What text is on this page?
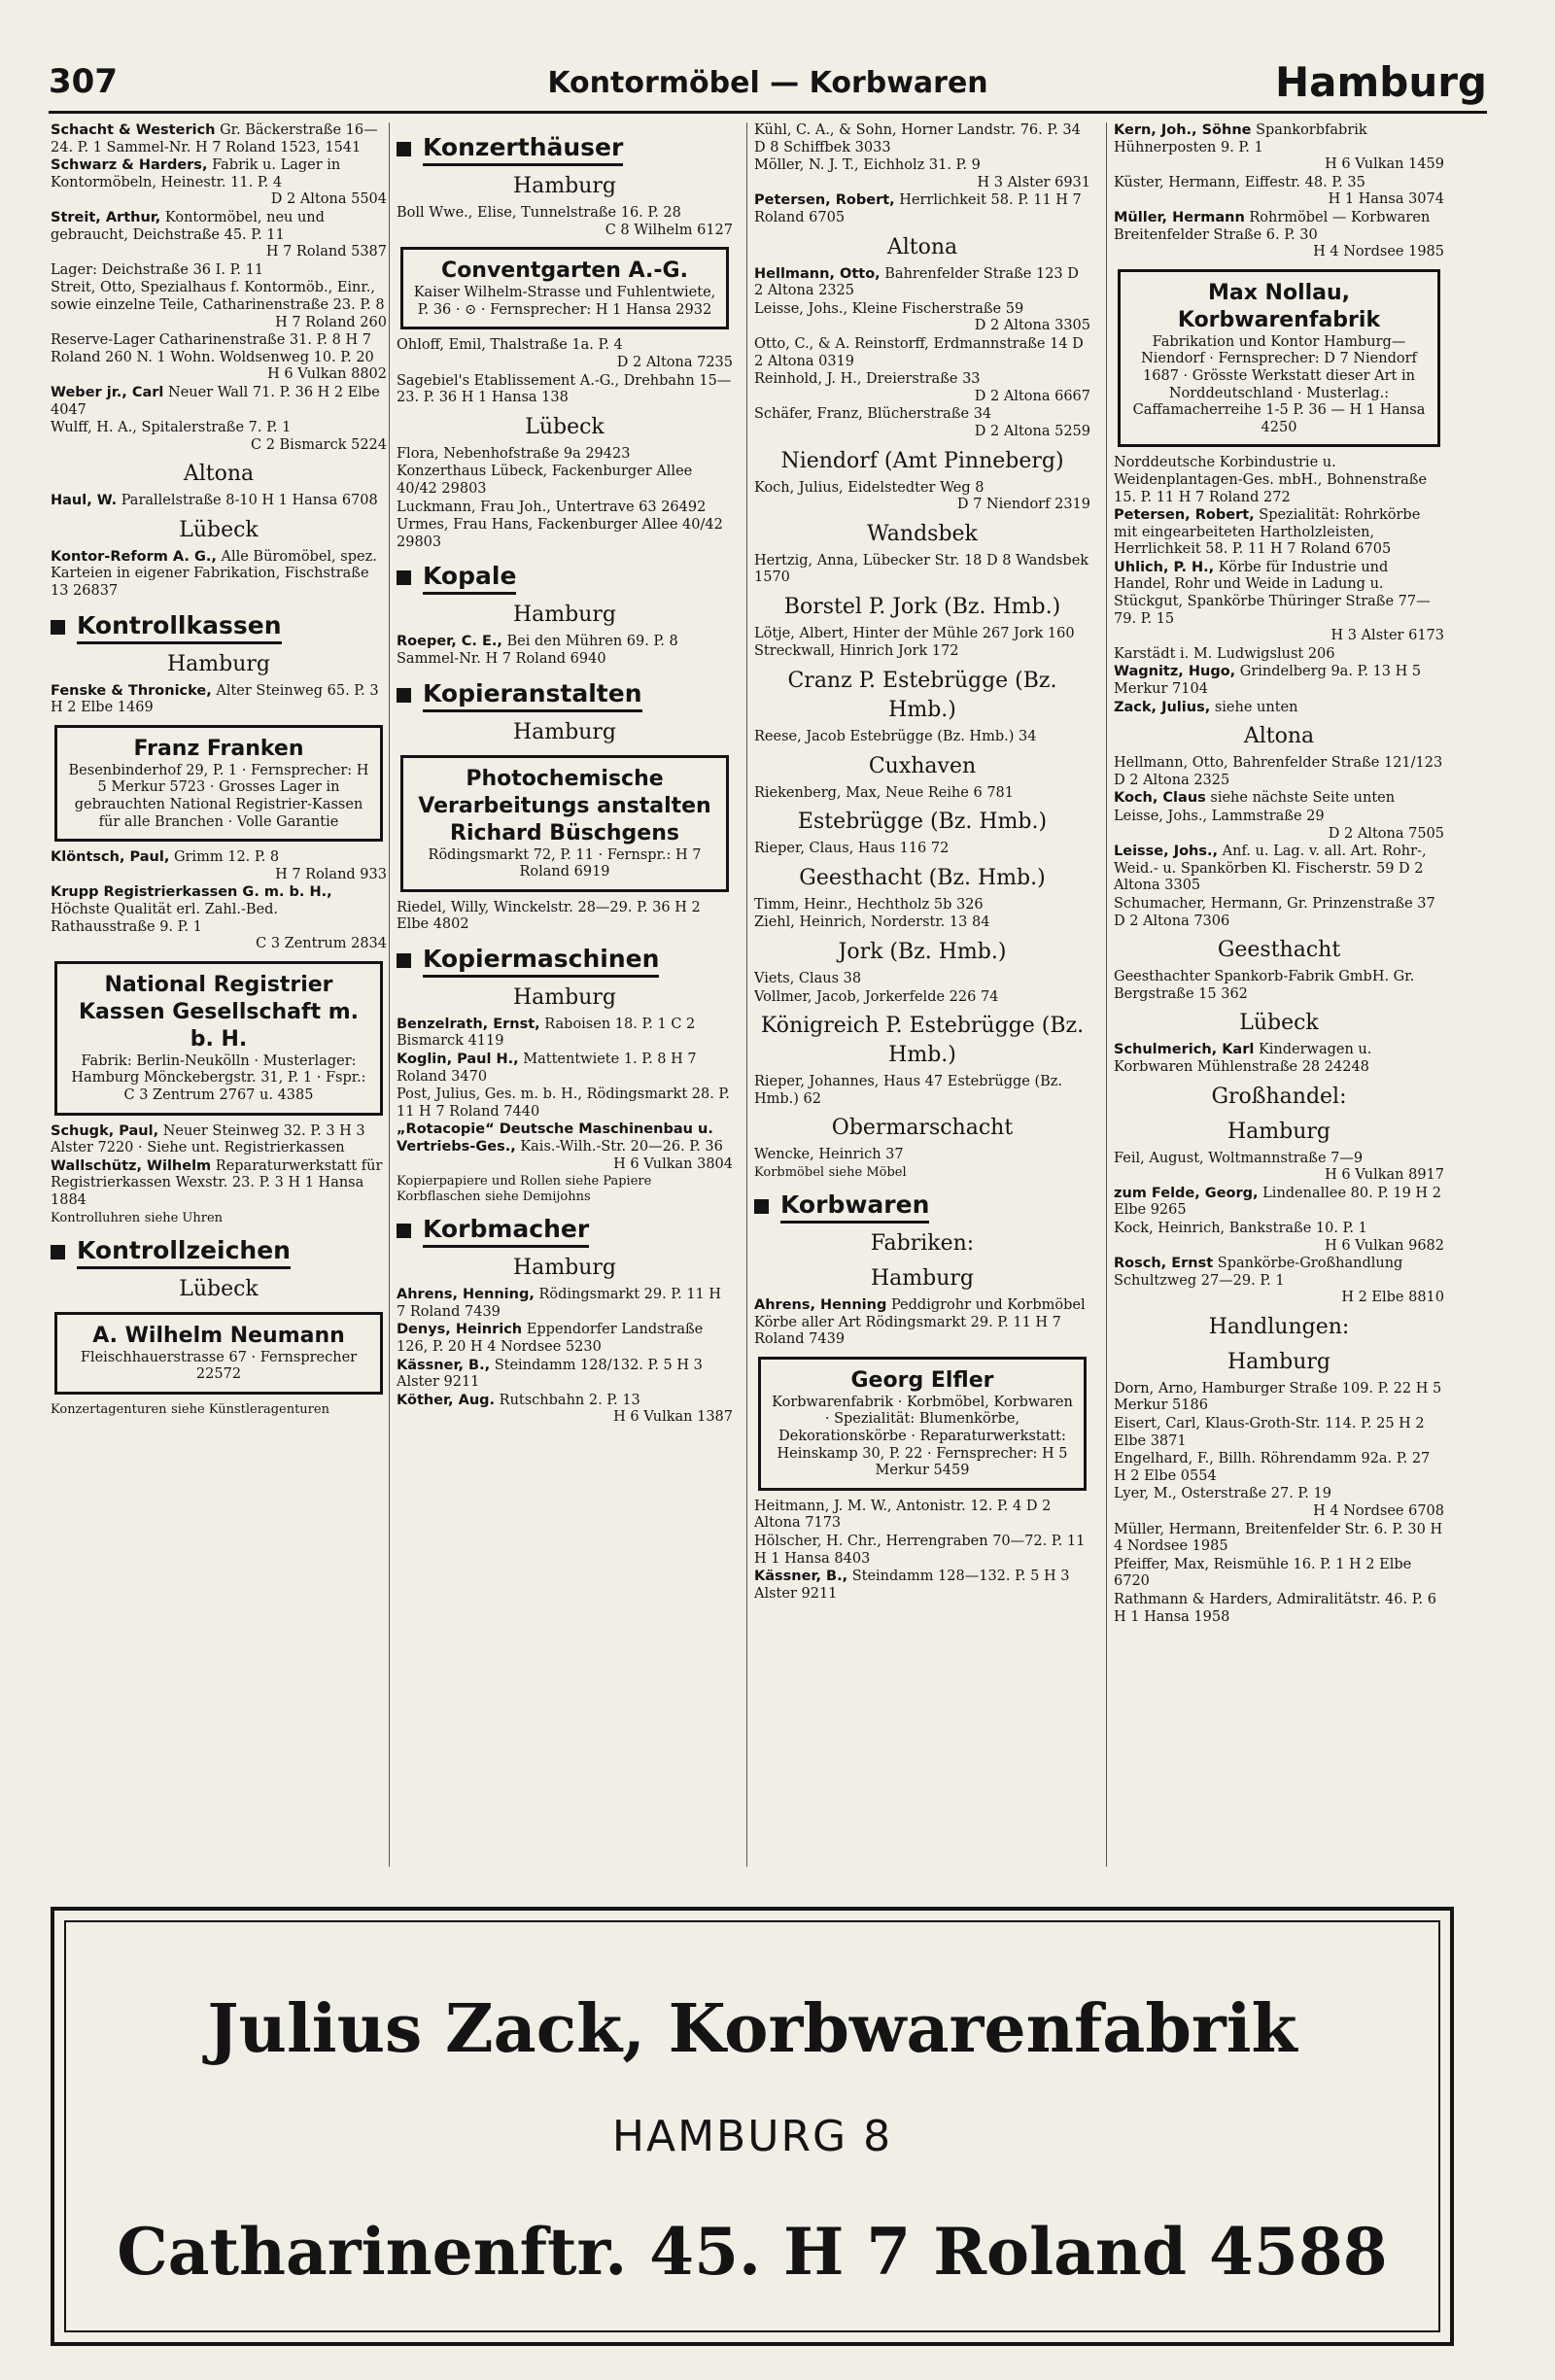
307	Kontormöbel — Korbwaren	Hamburg
Schacht & Westerich Gr. Bäckerstraße 16—24. P. 1 Sammel-Nr. H 7 Roland 1523, 1541
Schwarz & Harders, Fabrik u. Lager in Kontormöbeln, Heinestr. 11. P. 4
D 2 Altona 5504
Streit, Arthur, Kontormöbel, neu und gebraucht, Deichstraße 45. P. 11
H 7 Roland 5387
Lager: Deichstraße 36 I. P. 11
Streit, Otto, Spezialhaus f. Kontormöb., Einr., sowie einzelne Teile, Catharinenstraße 23. P. 8
H 7 Roland 260
Reserve-Lager Catharinenstraße 31. P. 8 H 7 Roland 260 N. 1 Wohn. Woldsenweg 10. P. 20
H 6 Vulkan 8802
Weber jr., Carl Neuer Wall 71. P. 36 H 2 Elbe 4047
Wulff, H. A., Spitalerstraße 7. P. 1
C 2 Bismarck 5224
Altona
Haul, W. Parallelstraße 8-10 H 1 Hansa 6708
Lübeck
Kontor-Reform A. G., Alle Büromöbel, spez. Karteien in eigener Fabrikation, Fischstraße 13 26837
Kontrollkassen
Hamburg
Fenske & Thronicke, Alter Steinweg 65. P. 3 H 2 Elbe 1469
Franz Franken
Besenbinderhof 29, P. 1 · Fernsprecher: H 5 Merkur 5723 · Grosses Lager in gebrauchten National Registrier-Kassen für alle Branchen · Volle Garantie
Klöntsch, Paul, Grimm 12. P. 8
H 7 Roland 933
Krupp Registrierkassen G. m. b. H., Höchste Qualität erl. Zahl.-Bed. Rathausstraße 9. P. 1
C 3 Zentrum 2834
National Registrier Kassen Gesellschaft m. b. H.
Fabrik: Berlin-Neukölln · Musterlager: Hamburg Mönckebergstr. 31, P. 1 · Fspr.: C 3 Zentrum 2767 u. 4385
Schugk, Paul, Neuer Steinweg 32. P. 3 H 3 Alster 7220 · Siehe unt. Registrierkassen
Wallschütz, Wilhelm Reparaturwerkstatt für Registrierkassen Wexstr. 23. P. 3 H 1 Hansa 1884
Kontrolluhren siehe Uhren
Kontrollzeichen
Lübeck
A. Wilhelm Neumann
Fleischhauerstrasse 67 · Fernsprecher 22572
Konzertagenturen siehe Künstleragenturen
Konzerthäuser
Hamburg
Boll Wwe., Elise, Tunnelstraße 16. P. 28
C 8 Wilhelm 6127
Conventgarten A.-G.
Kaiser Wilhelm-Strasse und Fuhlentwiete, P. 36 · ⊙ · Fernsprecher: H 1 Hansa 2932
Ohloff, Emil, Thalstraße 1a. P. 4
D 2 Altona 7235
Sagebiel's Etablissement A.-G., Drehbahn 15—23. P. 36 H 1 Hansa 138
Lübeck
Flora, Nebenhofstraße 9a 29423
Konzerthaus Lübeck, Fackenburger Allee 40/42 29803
Luckmann, Frau Joh., Untertrave 63 26492
Urmes, Frau Hans, Fackenburger Allee 40/42 29803
Kopale
Hamburg
Roeper, C. E., Bei den Mühren 69. P. 8 Sammel-Nr. H 7 Roland 6940
Kopieranstalten
Hamburg
Photochemische Verarbeitungs anstalten Richard Büschgens
Rödingsmarkt 72, P. 11 · Fernspr.: H 7 Roland 6919
Riedel, Willy, Winckelstr. 28—29. P. 36 H 2 Elbe 4802
Kopiermaschinen
Hamburg
Benzelrath, Ernst, Raboisen 18. P. 1 C 2 Bismarck 4119
Koglin, Paul H., Mattentwiete 1. P. 8 H 7 Roland 3470
Post, Julius, Ges. m. b. H., Rödingsmarkt 28. P. 11 H 7 Roland 7440
„Rotacopie“ Deutsche Maschinenbau u. Vertriebs-Ges., Kais.-Wilh.-Str. 20—26. P. 36
H 6 Vulkan 3804
Kopierpapiere und Rollen siehe Papiere
Korbflaschen siehe Demijohns
Korbmacher
Hamburg
Ahrens, Henning, Rödingsmarkt 29. P. 11 H 7 Roland 7439
Denys, Heinrich Eppendorfer Landstraße 126, P. 20 H 4 Nordsee 5230
Kässner, B., Steindamm 128/132. P. 5 H 3 Alster 9211
Köther, Aug. Rutschbahn 2. P. 13
H 6 Vulkan 1387
Kühl, C. A., & Sohn, Horner Landstr. 76. P. 34 D 8 Schiffbek 3033
Möller, N. J. T., Eichholz 31. P. 9
H 3 Alster 6931
Petersen, Robert, Herrlichkeit 58. P. 11 H 7 Roland 6705
Altona
Hellmann, Otto, Bahrenfelder Straße 123 D 2 Altona 2325
Leisse, Johs., Kleine Fischerstraße 59
D 2 Altona 3305
Otto, C., & A. Reinstorff, Erdmannstraße 14 D 2 Altona 0319
Reinhold, J. H., Dreierstraße 33
D 2 Altona 6667
Schäfer, Franz, Blücherstraße 34
D 2 Altona 5259
Niendorf (Amt Pinneberg)
Koch, Julius, Eidelstedter Weg 8
D 7 Niendorf 2319
Wandsbek
Hertzig, Anna, Lübecker Str. 18 D 8 Wandsbek 1570
Borstel P. Jork (Bz. Hmb.)
Lötje, Albert, Hinter der Mühle 267 Jork 160
Streckwall, Hinrich Jork 172
Cranz P. Estebrügge (Bz. Hmb.)
Reese, Jacob Estebrügge (Bz. Hmb.) 34
Cuxhaven
Riekenberg, Max, Neue Reihe 6 781
Estebrügge (Bz. Hmb.)
Rieper, Claus, Haus 116 72
Geesthacht (Bz. Hmb.)
Timm, Heinr., Hechtholz 5b 326
Ziehl, Heinrich, Norderstr. 13 84
Jork (Bz. Hmb.)
Viets, Claus 38
Vollmer, Jacob, Jorkerfelde 226 74
Königreich P. Estebrügge (Bz. Hmb.)
Rieper, Johannes, Haus 47 Estebrügge (Bz. Hmb.) 62
Obermarschacht
Wencke, Heinrich 37
Korbmöbel siehe Möbel
Korbwaren
Fabriken:
Hamburg
Ahrens, Henning Peddigrohr und Korbmöbel Körbe aller Art Rödingsmarkt 29. P. 11 H 7 Roland 7439
Georg Elfler
Korbwarenfabrik · Korbmöbel, Korbwaren · Spezialität: Blumenkörbe, Dekorationskörbe · Reparaturwerkstatt: Heinskamp 30, P. 22 · Fernsprecher: H 5 Merkur 5459
Heitmann, J. M. W., Antonistr. 12. P. 4 D 2 Altona 7173
Hölscher, H. Chr., Herrengraben 70—72. P. 11 H 1 Hansa 8403
Kässner, B., Steindamm 128—132. P. 5 H 3 Alster 9211
Kern, Joh., Söhne Spankorbfabrik Hühnerposten 9. P. 1
H 6 Vulkan 1459
Küster, Hermann, Eiffestr. 48. P. 35
H 1 Hansa 3074
Müller, Hermann Rohrmöbel — Korbwaren Breitenfelder Straße 6. P. 30
H 4 Nordsee 1985
Max Nollau, Korbwarenfabrik
Fabrikation und Kontor Hamburg—Niendorf · Fernsprecher: D 7 Niendorf 1687 · Grösste Werkstatt dieser Art in Norddeutschland · Musterlag.: Caffamacherreihe 1-5 P. 36 — H 1 Hansa 4250
Norddeutsche Korbindustrie u. Weidenplantagen-Ges. mbH., Bohnenstraße 15. P. 11 H 7 Roland 272
Petersen, Robert, Spezialität: Rohrkörbe mit eingearbeiteten Hartholzleisten, Herrlichkeit 58. P. 11 H 7 Roland 6705
Uhlich, P. H., Körbe für Industrie und Handel, Rohr und Weide in Ladung u. Stückgut, Spankörbe Thüringer Straße 77—79. P. 15
H 3 Alster 6173
Karstädt i. M. Ludwigslust 206
Wagnitz, Hugo, Grindelberg 9a. P. 13 H 5 Merkur 7104
Zack, Julius, siehe unten
Altona
Hellmann, Otto, Bahrenfelder Straße 121/123 D 2 Altona 2325
Koch, Claus siehe nächste Seite unten
Leisse, Johs., Lammstraße 29
D 2 Altona 7505
Leisse, Johs., Anf. u. Lag. v. all. Art. Rohr-, Weid.- u. Spankörben Kl. Fischerstr. 59 D 2 Altona 3305
Schumacher, Hermann, Gr. Prinzenstraße 37 D 2 Altona 7306
Geesthacht
Geesthachter Spankorb-Fabrik GmbH. Gr. Bergstraße 15 362
Lübeck
Schulmerich, Karl Kinderwagen u. Korbwaren Mühlenstraße 28 24248
Großhandel:
Hamburg
Feil, August, Woltmannstraße 7—9
H 6 Vulkan 8917
zum Felde, Georg, Lindenallee 80. P. 19 H 2 Elbe 9265
Kock, Heinrich, Bankstraße 10. P. 1
H 6 Vulkan 9682
Rosch, Ernst Spankörbe-Großhandlung Schultzweg 27—29. P. 1
H 2 Elbe 8810
Handlungen:
Hamburg
Dorn, Arno, Hamburger Straße 109. P. 22 H 5 Merkur 5186
Eisert, Carl, Klaus-Groth-Str. 114. P. 25 H 2 Elbe 3871
Engelhard, F., Billh. Röhrendamm 92a. P. 27 H 2 Elbe 0554
Lyer, M., Osterstraße 27. P. 19
H 4 Nordsee 6708
Müller, Hermann, Breitenfelder Str. 6. P. 30 H 4 Nordsee 1985
Pfeiffer, Max, Reismühle 16. P. 1 H 2 Elbe 6720
Rathmann & Harders, Admiralitätstr. 46. P. 6 H 1 Hansa 1958
Julius Zack, Korbwarenfabrik
HAMBURG 8
Catharinenftr. 45. H 7 Roland 4588
